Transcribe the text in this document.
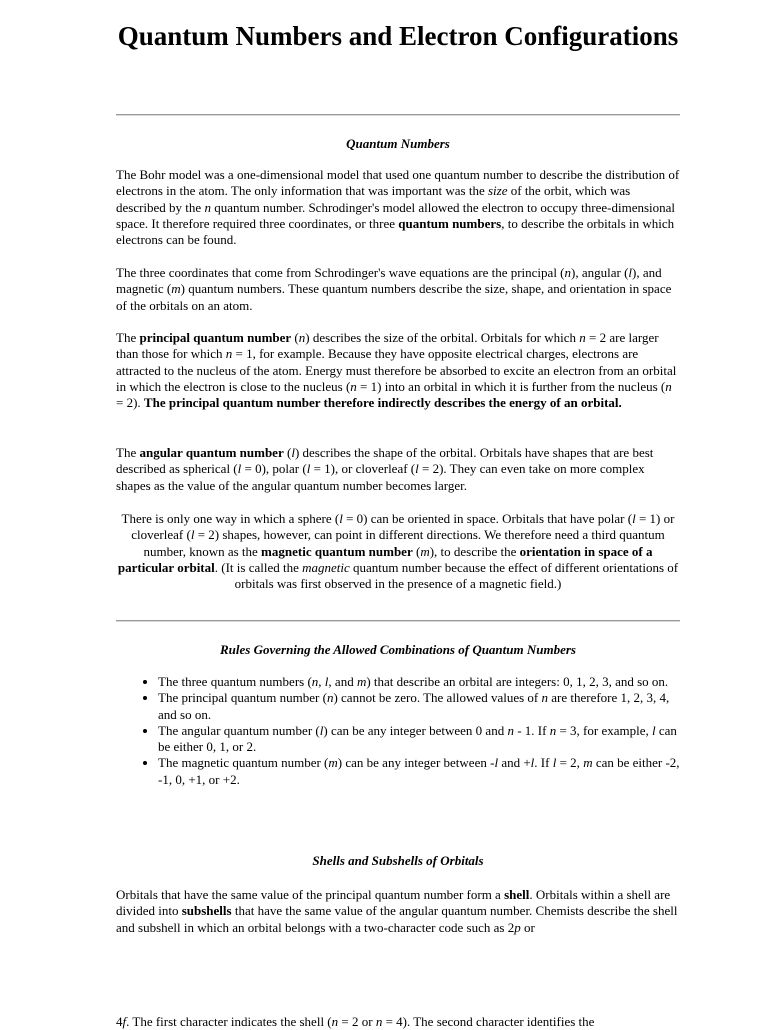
Quantum Numbers and Electron Configurations
Quantum Numbers

The Bohr model was a one-dimensional model that used one quantum number to describe the distribution of electrons in the atom. The only information that was important was the size of the orbit, which was described by the n quantum number. Schrodinger's model allowed the electron to occupy three-dimensional space. It therefore required three coordinates, or three quantum numbers, to describe the orbitals in which electrons can be found.

The three coordinates that come from Schrodinger's wave equations are the principal (n), angular (l), and magnetic (m) quantum numbers. These quantum numbers describe the size, shape, and orientation in space of the orbitals on an atom.

The principal quantum number (n) describes the size of the orbital. Orbitals for which n = 2 are larger than those for which n = 1, for example. Because they have opposite electrical charges, electrons are attracted to the nucleus of the atom. Energy must therefore be absorbed to excite an electron from an orbital in which the electron is close to the nucleus (n = 1) into an orbital in which it is further from the nucleus (n = 2). The principal quantum number therefore indirectly describes the energy of an orbital.

The angular quantum number (l) describes the shape of the orbital. Orbitals have shapes that are best described as spherical (l = 0), polar (l = 1), or cloverleaf (l = 2). They can even take on more complex shapes as the value of the angular quantum number becomes larger.

There is only one way in which a sphere (l = 0) can be oriented in space. Orbitals that have polar (l = 1) or cloverleaf (l = 2) shapes, however, can point in different directions. We therefore need a third quantum number, known as the magnetic quantum number (m), to describe the orientation in space of a particular orbital. (It is called the magnetic quantum number because the effect of different orientations of orbitals was first observed in the presence of a magnetic field.)

Rules Governing the Allowed Combinations of Quantum Numbers
• The three quantum numbers (n, l, and m) that describe an orbital are integers: 0, 1, 2, 3, and so on.
• The principal quantum number (n) cannot be zero. The allowed values of n are therefore 1, 2, 3, 4, and so on.
• The angular quantum number (l) can be any integer between 0 and n - 1. If n = 3, for example, l can be either 0, 1, or 2.
• The magnetic quantum number (m) can be any integer between -l and +l. If l = 2, m can be either -2, -1, 0, +1, or +2.
Shells and Subshells of Orbitals

Orbitals that have the same value of the principal quantum number form a shell. Orbitals within a shell are divided into subshells that have the same value of the angular quantum number. Chemists describe the shell and subshell in which an orbital belongs with a two-character code such as 2p or

4f. The first character indicates the shell (n = 2 or n = 4). The second character identifies the
